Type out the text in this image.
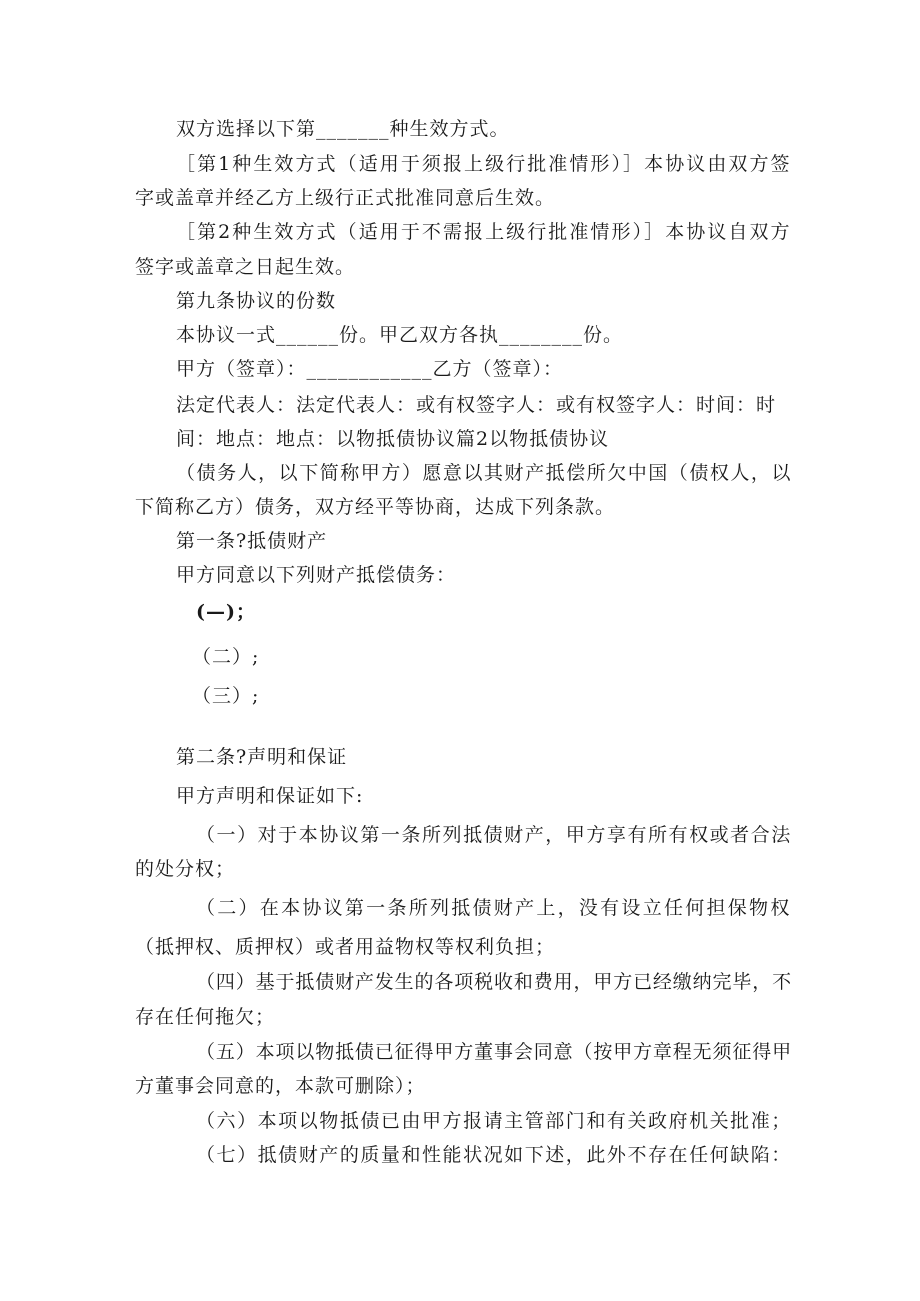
双方选择以下第_______种生效方式。
［第1种生效方式（适用于须报上级行批准情形）］本协议由双方签
字或盖章并经乙方上级行正式批准同意后生效。
［第2种生效方式（适用于不需报上级行批准情形）］本协议自双方
签字或盖章之日起生效。
第九条协议的份数
本协议一式______份。甲乙双方各执________份。
甲方（签章）：____________乙方（签章）：
法定代表人：法定代表人：或有权签字人：或有权签字人：时间：时
间：地点：地点：以物抵债协议篇2以物抵债协议
（债务人，以下简称甲方）愿意以其财产抵偿所欠中国（债权人，以
下简称乙方）债务，双方经平等协商，达成下列条款。
第一条?抵债财产
甲方同意以下列财产抵偿债务：
(—)；
（二）;
（三）;
第二条?声明和保证
甲方声明和保证如下:
（一）对于本协议第一条所列抵债财产，甲方享有所有权或者合法
的处分权；
（二）在本协议第一条所列抵债财产上，没有设立任何担保物权
（抵押权、质押权）或者用益物权等权利负担；
（四）基于抵债财产发生的各项税收和费用，甲方已经缴纳完毕，不
存在任何拖欠；
（五）本项以物抵债已征得甲方董事会同意（按甲方章程无须征得甲
方董事会同意的，本款可删除）；
（六）本项以物抵债已由甲方报请主管部门和有关政府机关批准；
（七）抵债财产的质量和性能状况如下述，此外不存在任何缺陷：
